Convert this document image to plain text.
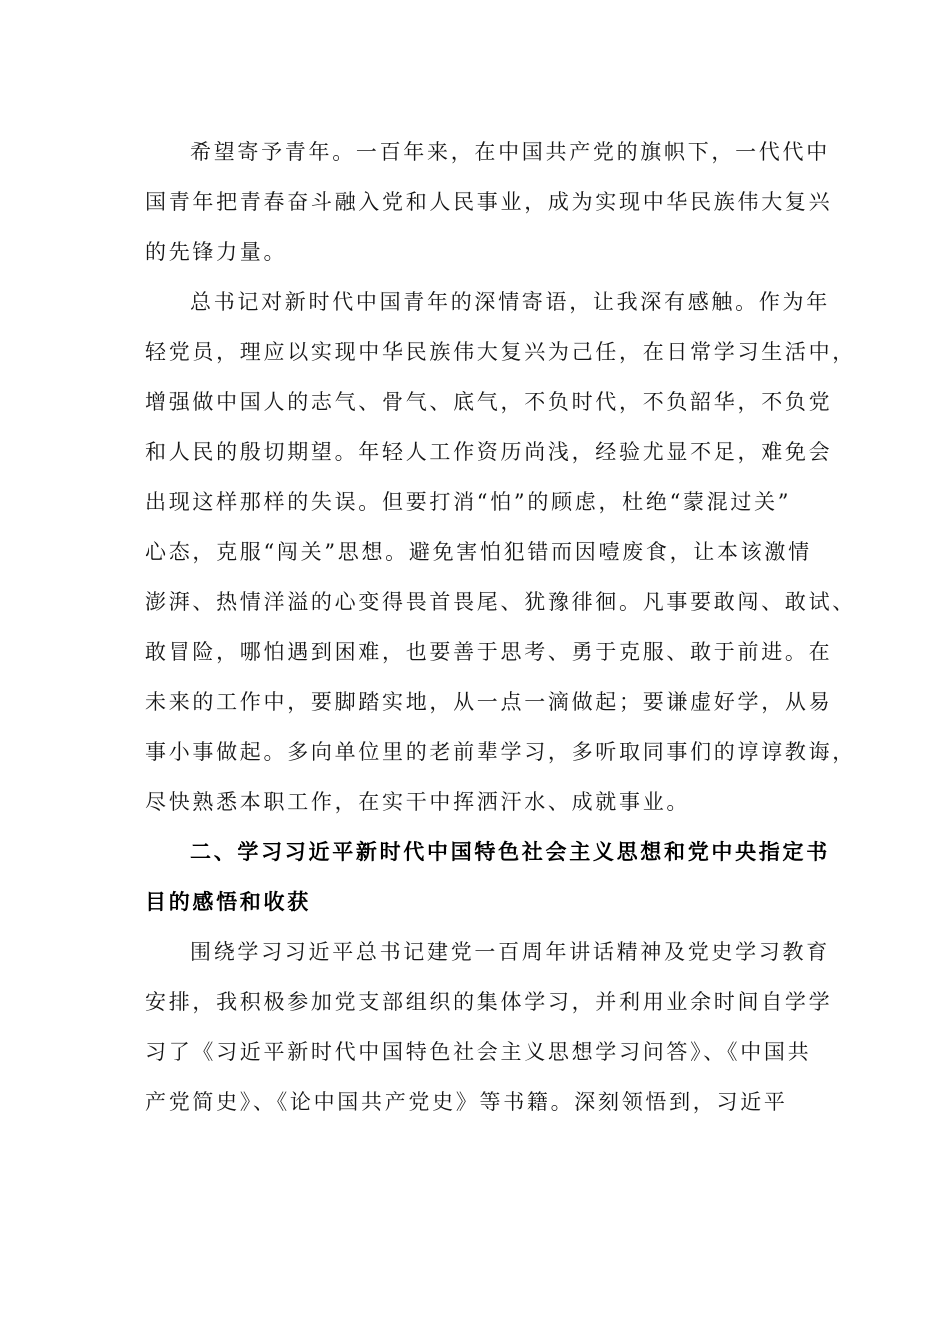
希望寄予青年。一百年来，在中国共产党的旗帜下，一代代中
国青年把青春奋斗融入党和人民事业，成为实现中华民族伟大复兴
的先锋力量。
总书记对新时代中国青年的深情寄语，让我深有感触。作为年
轻党员，理应以实现中华民族伟大复兴为己任，在日常学习生活中，
增强做中国人的志气、骨气、底气，不负时代，不负韶华，不负党
和人民的殷切期望。年轻人工作资历尚浅，经验尤显不足，难免会
出现这样那样的失误。但要打消“怕”的顾虑，杜绝“蒙混过关”
心态，克服“闯关”思想。避免害怕犯错而因噎废食，让本该激情
澎湃、热情洋溢的心变得畏首畏尾、犹豫徘徊。凡事要敢闯、敢试、
敢冒险，哪怕遇到困难，也要善于思考、勇于克服、敢于前进。在
未来的工作中，要脚踏实地，从一点一滴做起；要谦虚好学，从易
事小事做起。多向单位里的老前辈学习，多听取同事们的谆谆教诲，
尽快熟悉本职工作，在实干中挥洒汗水、成就事业。
二、学习习近平新时代中国特色社会主义思想和党中央指定书
目的感悟和收获
围绕学习习近平总书记建党一百周年讲话精神及党史学习教育
安排，我积极参加党支部组织的集体学习，并利用业余时间自学学
习了《习近平新时代中国特色社会主义思想学习问答》、《中国共
产党简史》、《论中国共产党史》等书籍。深刻领悟到，习近平
